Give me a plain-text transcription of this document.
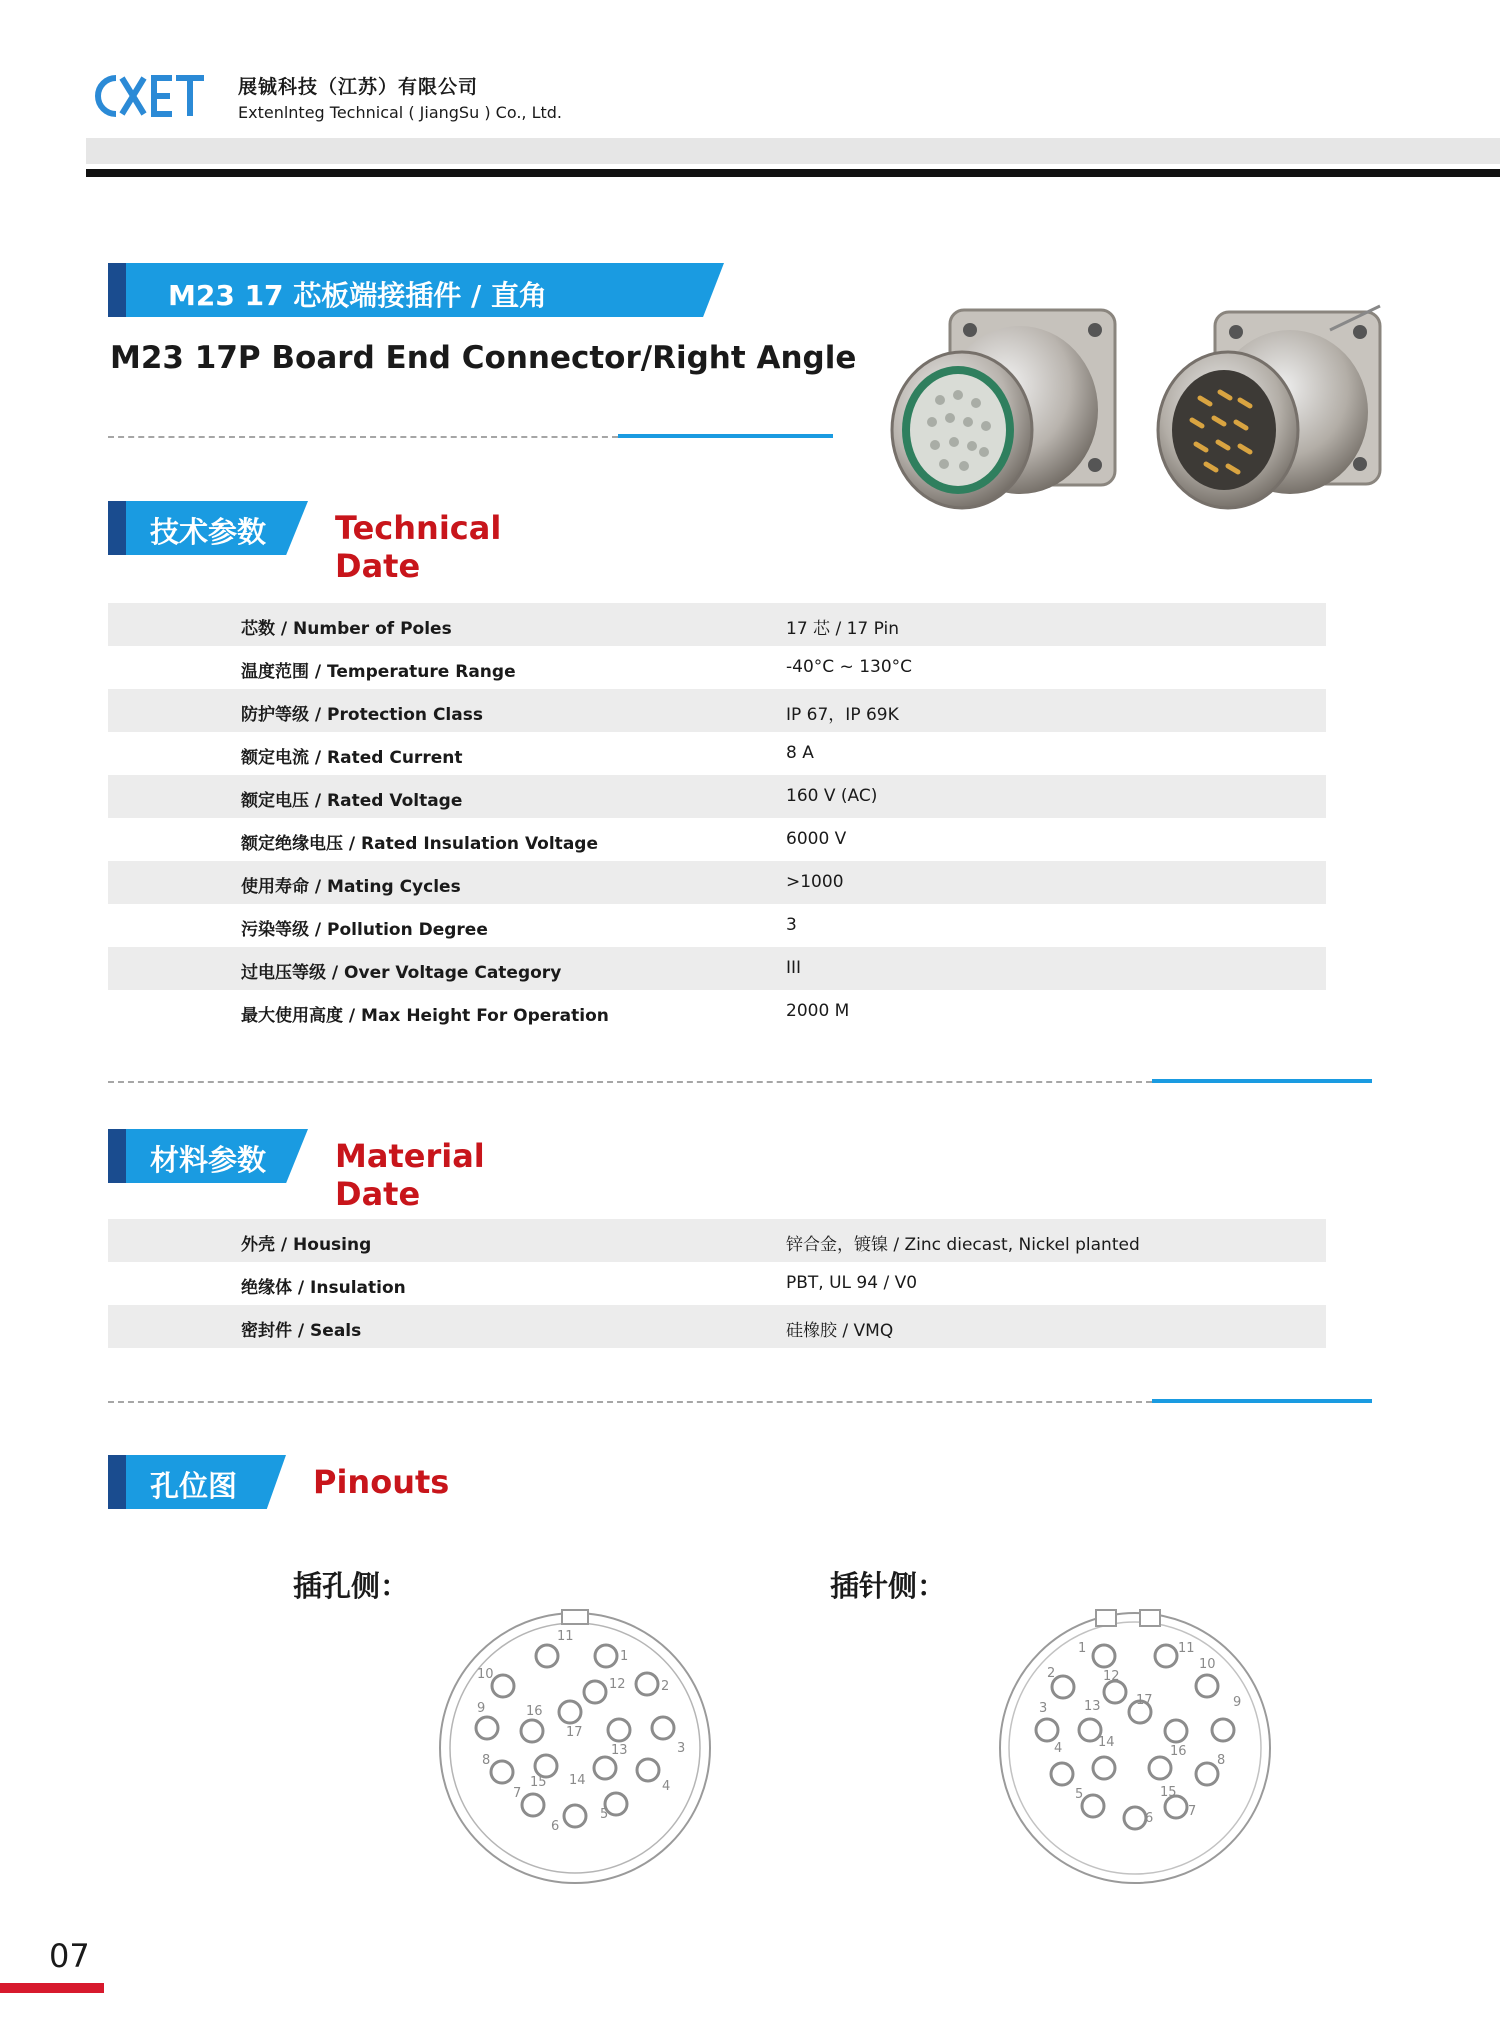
展铖科技（江苏）有限公司
Extenlnteg Technical ( JiangSu ) Co., Ltd.
M23 17 芯板端接插件 / 直角
M23 17P Board End Connector/Right Angle
技术参数 Technical Date
芯数 / Number of Poles	17 芯 / 17 Pin
温度范围 / Temperature Range	-40°C ~ 130°C
防护等级 / Protection Class	IP 67，IP 69K
额定电流 / Rated Current	8 A
额定电压 / Rated Voltage	160 V (AC)
额定绝缘电压 / Rated Insulation Voltage	6000 V
使用寿命 / Mating Cycles	>1000
污染等级 / Pollution Degree	3
过电压等级 / Over Voltage Category	III
最大使用高度 / Max Height For Operation	2000 M
材料参数 Material Date
外壳 / Housing	锌合金，镀镍 / Zinc diecast, Nickel planted
绝缘体 / Insulation	PBT, UL 94 / V0
密封件 / Seals	硅橡胶 / VMQ
孔位图 Pinouts
插孔侧：	插针侧：
1
2
3
4
5
6
7
8
9
10
11
12
13
14
15
16
17
1
2
3
4
5
6	7
8
9
10
11
12
13
14
15
16
17
07
